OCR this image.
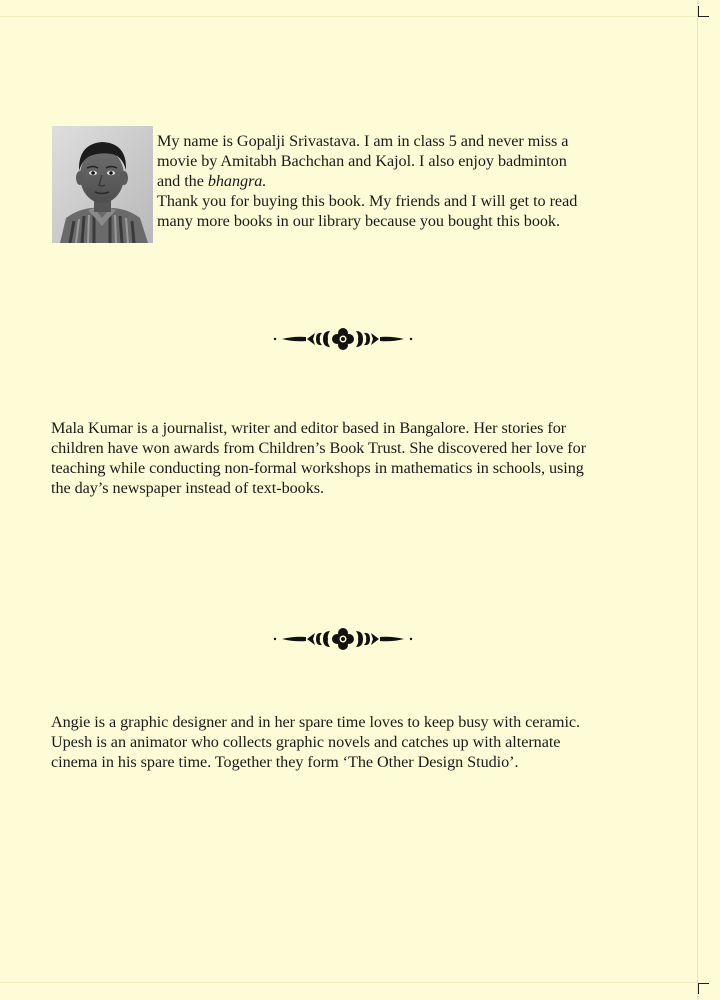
My name is Gopalji Srivastava. I am in class 5 and never miss a

movie by Amitabh Bachchan and Kajol. I also enjoy badminton

and the bhangra.

Thank you for buying this book. My friends and I will get to read

many more books in our library because you bought this book.

Mala Kumar is a journalist, writer and editor based in Bangalore. Her stories for

children have won awards from Children’s Book Trust. She discovered her love for

teaching while conducting non-formal workshops in mathematics in schools, using

the day’s newspaper instead of text-books.

Angie is a graphic designer and in her spare time loves to keep busy with ceramic.

Upesh is an animator who collects graphic novels and catches up with alternate

cinema in his spare time. Together they form ‘The Other Design Studio’.
